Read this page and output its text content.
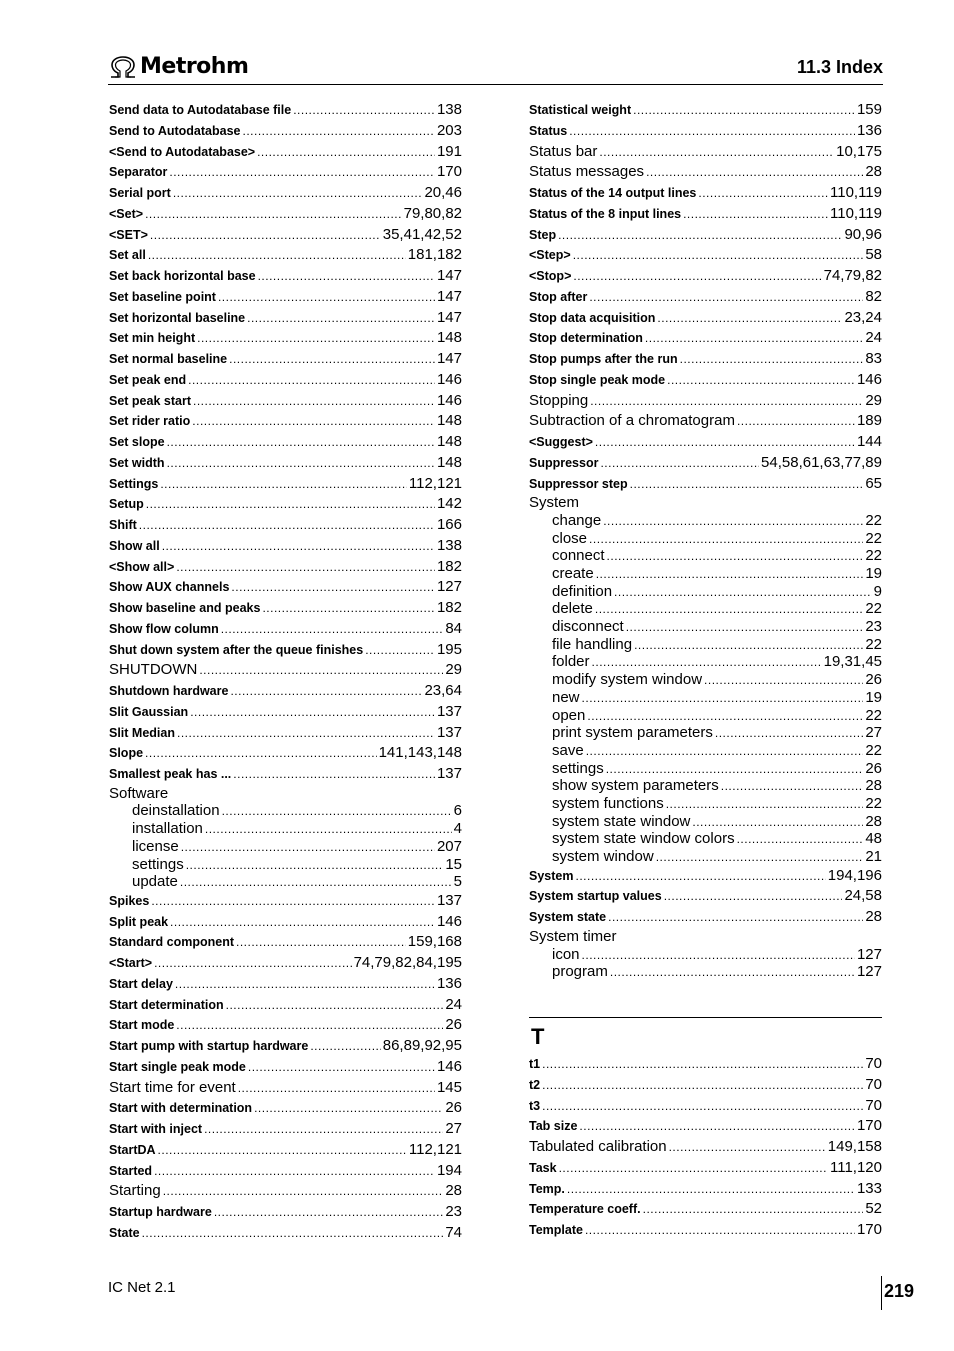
Metrohm	11.3 Index
Send data to Autodatabase file .....	138
Send to Autodatabase .....	203
<Send to Autodatabase> .....	191
Separator .....	170
Serial port .....	20,46
<Set> .....	79,80,82
<SET> .....	35,41,42,52
Set all .....	181,182
Set back horizontal base .....	147
Set baseline point .....	147
Set horizontal baseline .....	147
Set min height .....	148
Set normal baseline .....	147
Set peak end .....	146
Set peak start .....	146
Set rider ratio .....	148
Set slope .....	148
Set width .....	148
Settings .....	112,121
Setup .....	142
Shift .....	166
Show all .....	138
<Show all> .....	182
Show AUX channels .....	127
Show baseline and peaks .....	182
Show flow column .....	84
Shut down system after the queue finishes .....	195
SHUTDOWN .....	29
Shutdown hardware .....	23,64
Slit Gaussian .....	137
Slit Median .....	137
Slope .....	141,143,148
Smallest peak has ... .....	137
Software
deinstallation .....	6
installation .....	4
license .....	207
settings .....	15
update .....	5
Spikes .....	137
Split peak .....	146
Standard component .....	159,168
<Start> .....	74,79,82,84,195
Start delay .....	136
Start determination .....	24
Start mode .....	26
Start pump with startup hardware .....	86,89,92,95
Start single peak mode .....	146
Start time for event .....	145
Start with determination .....	26
Start with inject .....	27
StartDA .....	112,121
Started .....	194
Starting .....	28
Startup hardware .....	23
State .....	74
Statistical weight .....	159
Status .....	136
Status bar .....	10,175
Status messages .....	28
Status of the 14 output lines .....	110,119
Status of the 8 input lines .....	110,119
Step .....	90,96
<Step> .....	58
<Stop> .....	74,79,82
Stop after .....	82
Stop data acquisition .....	23,24
Stop determination .....	24
Stop pumps after the run .....	83
Stop single peak mode .....	146
Stopping .....	29
Subtraction of a chromatogram .....	189
<Suggest> .....	144
Suppressor .....	54,58,61,63,77,89
Suppressor step .....	65
System
change .....	22
close .....	22
connect .....	22
create .....	19
definition .....	9
delete .....	22
disconnect .....	23
file handling .....	22
folder .....	19,31,45
modify system window .....	26
new .....	19
open .....	22
print system parameters .....	27
save .....	22
settings .....	26
show system parameters .....	28
system functions .....	22
system state window .....	28
system state window colors .....	48
system window .....	21
System .....	194,196
System startup values .....	24,58
System state .....	28
System timer
icon .....	127
program .....	127
T
t1 .....	70
t2 .....	70
t3 .....	70
Tab size .....	170
Tabulated calibration .....	149,158
Task .....	111,120
Temp. .....	133
Temperature coeff. .....	52
Template .....	170
IC Net 2.1	219
